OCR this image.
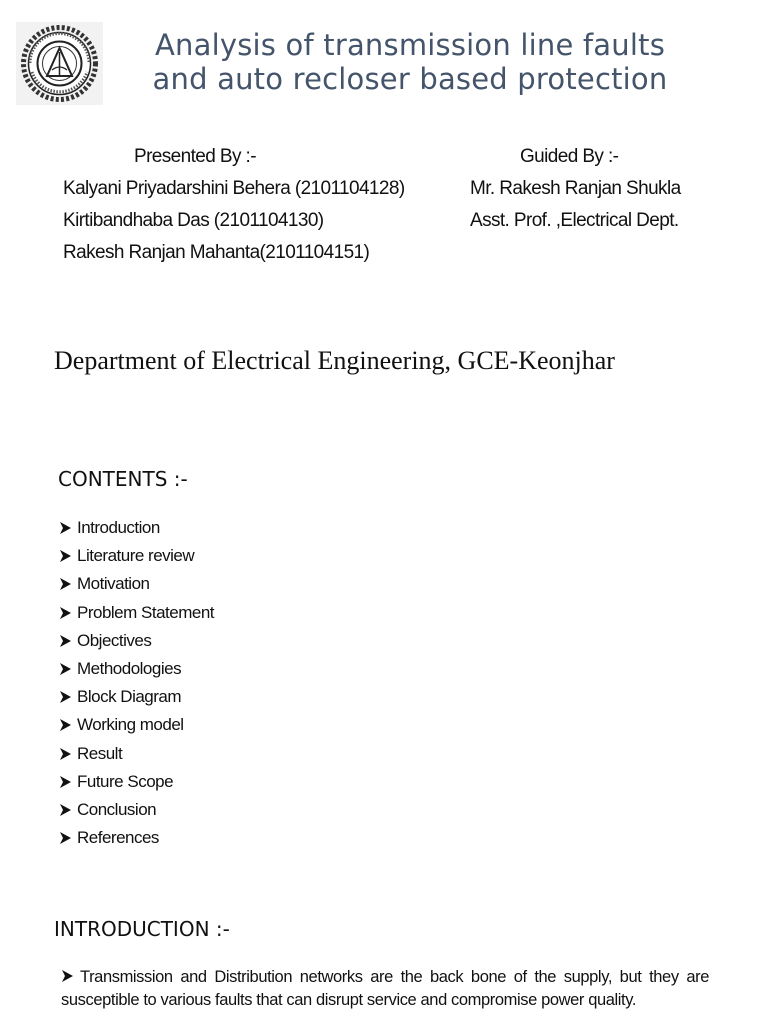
Analysis of transmission line faults
and auto recloser based protection
Presented By :-
Kalyani Priyadarshini Behera (2101104128)
Kirtibandhaba Das (2101104130)
Rakesh Ranjan Mahanta(2101104151)
Guided By :-
Mr. Rakesh Ranjan Shukla
Asst. Prof. ,Electrical Dept.
Department of Electrical Engineering, GCE-Keonjhar
CONTENTS :-
Introduction
Literature review
Motivation
Problem Statement
Objectives
Methodologies
Block Diagram
Working model
Result
Future Scope
Conclusion
References
INTRODUCTION :-
Transmission and Distribution networks are the back bone of the supply, but they are susceptible to various faults that can disrupt service and compromise power quality.
